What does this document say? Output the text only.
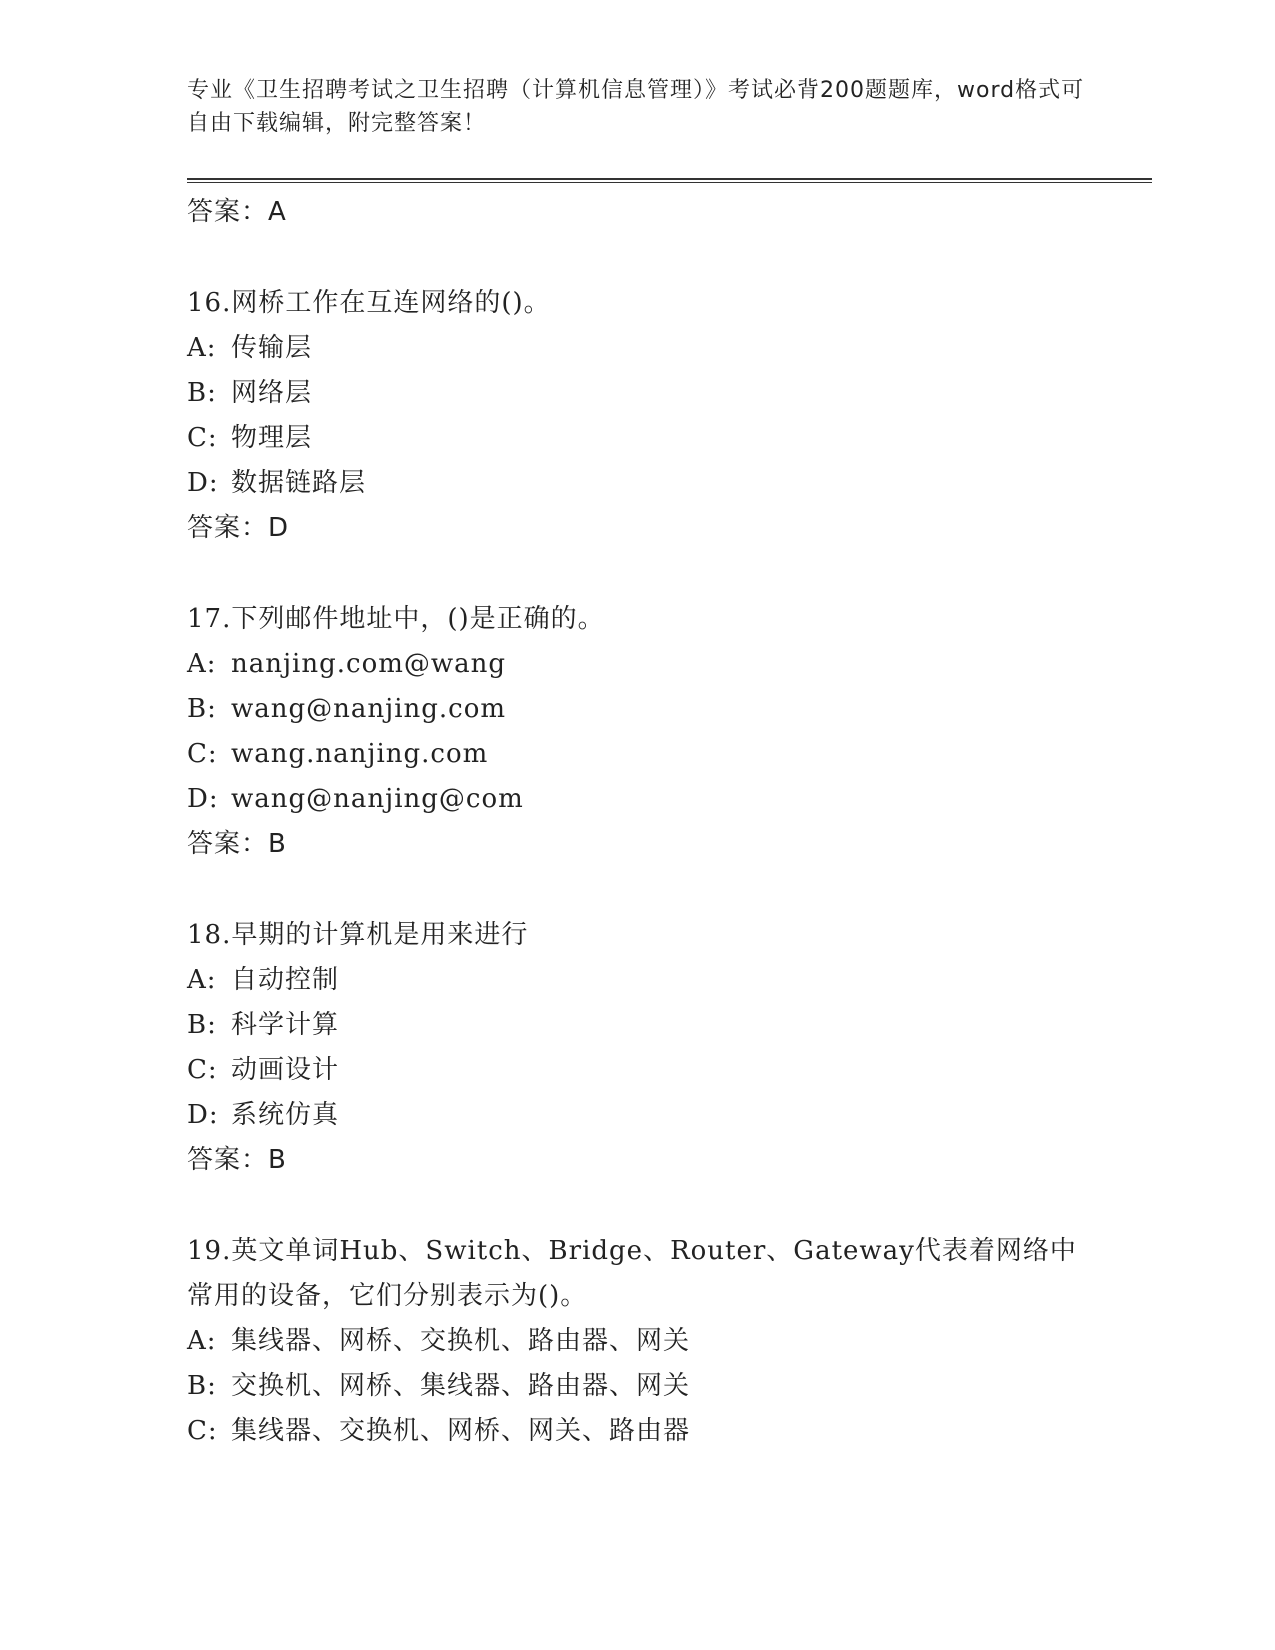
专业《卫生招聘考试之卫生招聘（计算机信息管理）》考试必背200题题库，word格式可自由下载编辑，附完整答案！
答案：A
16.网桥工作在互连网络的()。
A: 传输层
B: 网络层
C: 物理层
D: 数据链路层
答案：D
17.下列邮件地址中，()是正确的。
A: nanjing.com@wang
B: wang@nanjing.com
C: wang.nanjing.com
D: wang@nanjing@com
答案：B
18.早期的计算机是用来进行
A: 自动控制
B: 科学计算
C: 动画设计
D: 系统仿真
答案：B
19.英文单词Hub、Switch、Bridge、Router、Gateway代表着网络中常用的设备，它们分别表示为()。
A: 集线器、网桥、交换机、路由器、网关
B: 交换机、网桥、集线器、路由器、网关
C: 集线器、交换机、网桥、网关、路由器
